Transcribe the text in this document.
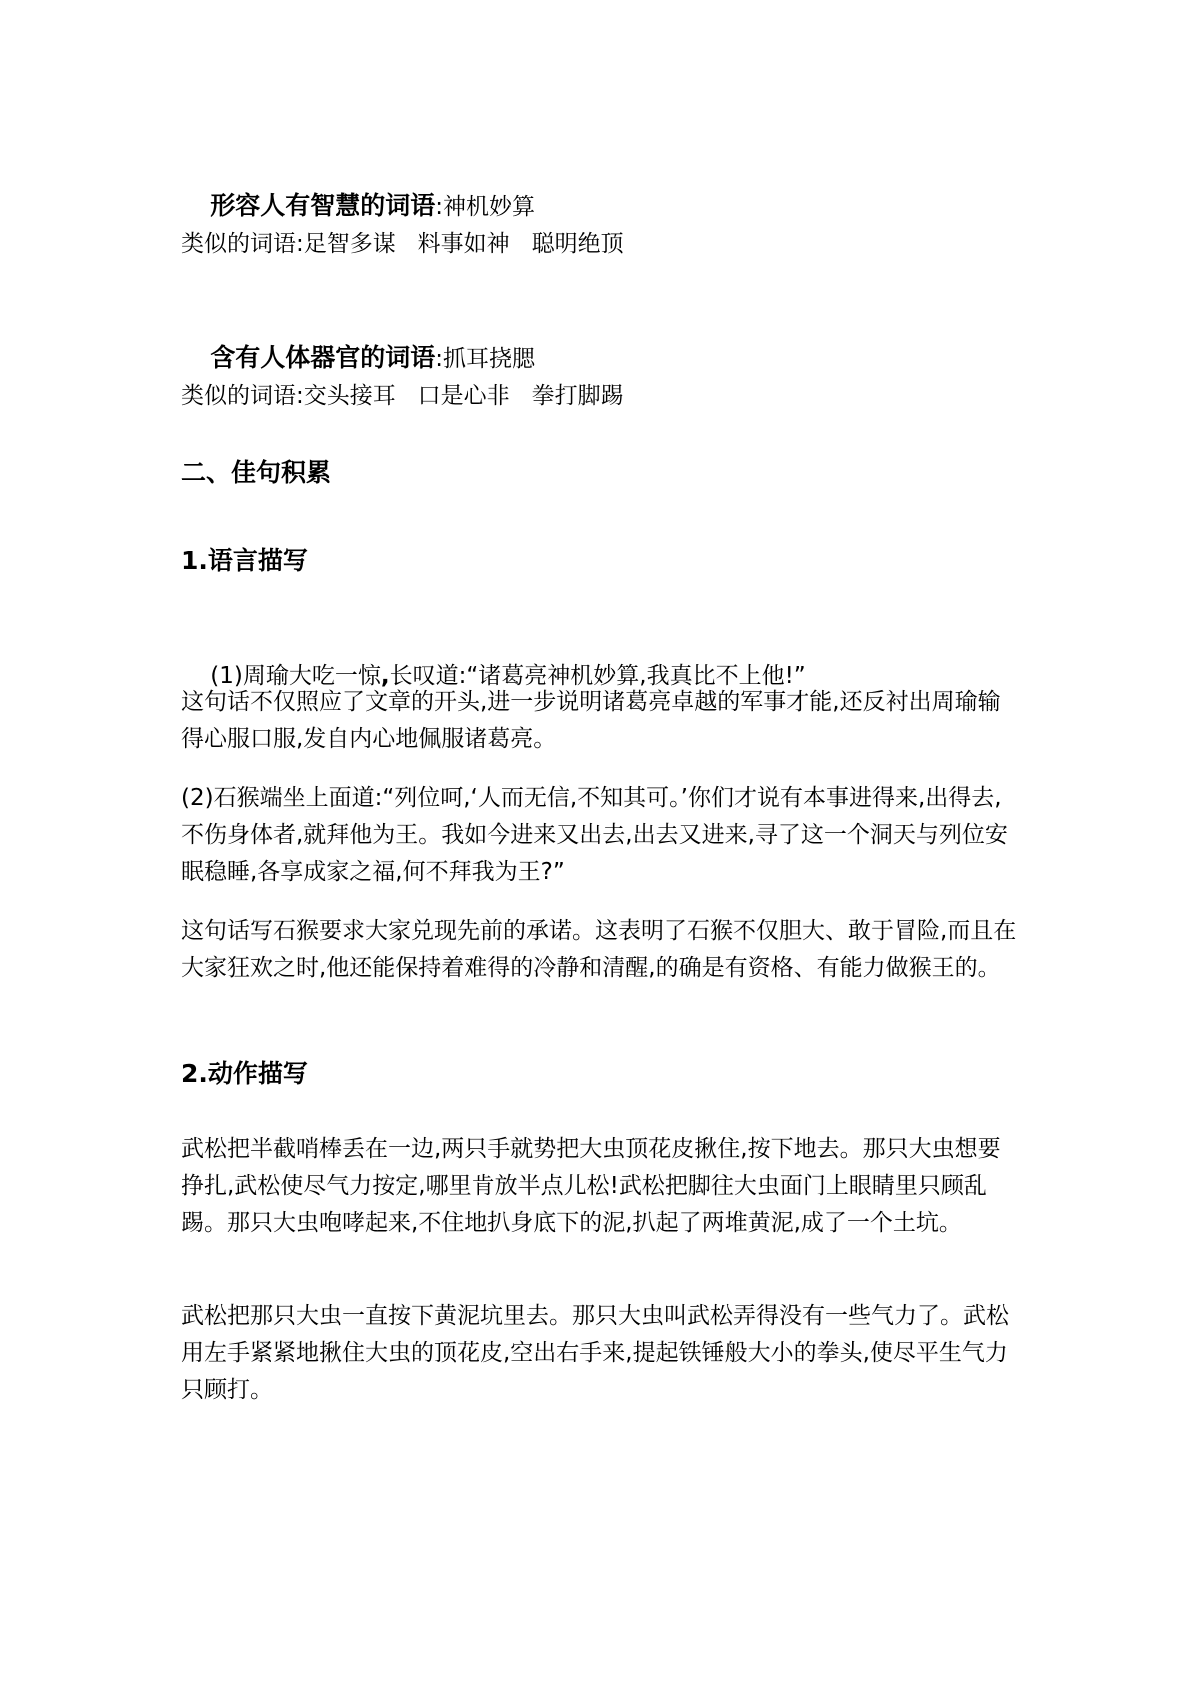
形容人有智慧的词语:神机妙算

类似的词语:足智多谋   料事如神   聪明绝顶

含有人体器官的词语:抓耳挠腮

类似的词语:交头接耳   口是心非   拳打脚踢
二、佳句积累
1.语言描写

(1)周瑜大吃一惊,长叹道:“诸葛亮神机妙算,我真比不上他!”

这句话不仅照应了文章的开头,进一步说明诸葛亮卓越的军事才能,还反衬出周瑜输得心服口服,发自内心地佩服诸葛亮。
(2)石猴端坐上面道:“列位呵,‘人而无信,不知其可。’你们才说有本事进得来,出得去,不伤身体者,就拜他为王。我如今进来又出去,出去又进来,寻了这一个洞天与列位安眠稳睡,各享成家之福,何不拜我为王?”
这句话写石猴要求大家兑现先前的承诺。这表明了石猴不仅胆大、敢于冒险,而且在大家狂欢之时,他还能保持着难得的冷静和清醒,的确是有资格、有能力做猴王的。
2.动作描写
武松把半截哨棒丢在一边,两只手就势把大虫顶花皮揪住,按下地去。那只大虫想要挣扎,武松使尽气力按定,哪里肯放半点儿松!武松把脚往大虫面门上眼睛里只顾乱踢。那只大虫咆哮起来,不住地扒身底下的泥,扒起了两堆黄泥,成了一个土坑。
武松把那只大虫一直按下黄泥坑里去。那只大虫叫武松弄得没有一些气力了。武松用左手紧紧地揪住大虫的顶花皮,空出右手来,提起铁锤般大小的拳头,使尽平生气力只顾打。
